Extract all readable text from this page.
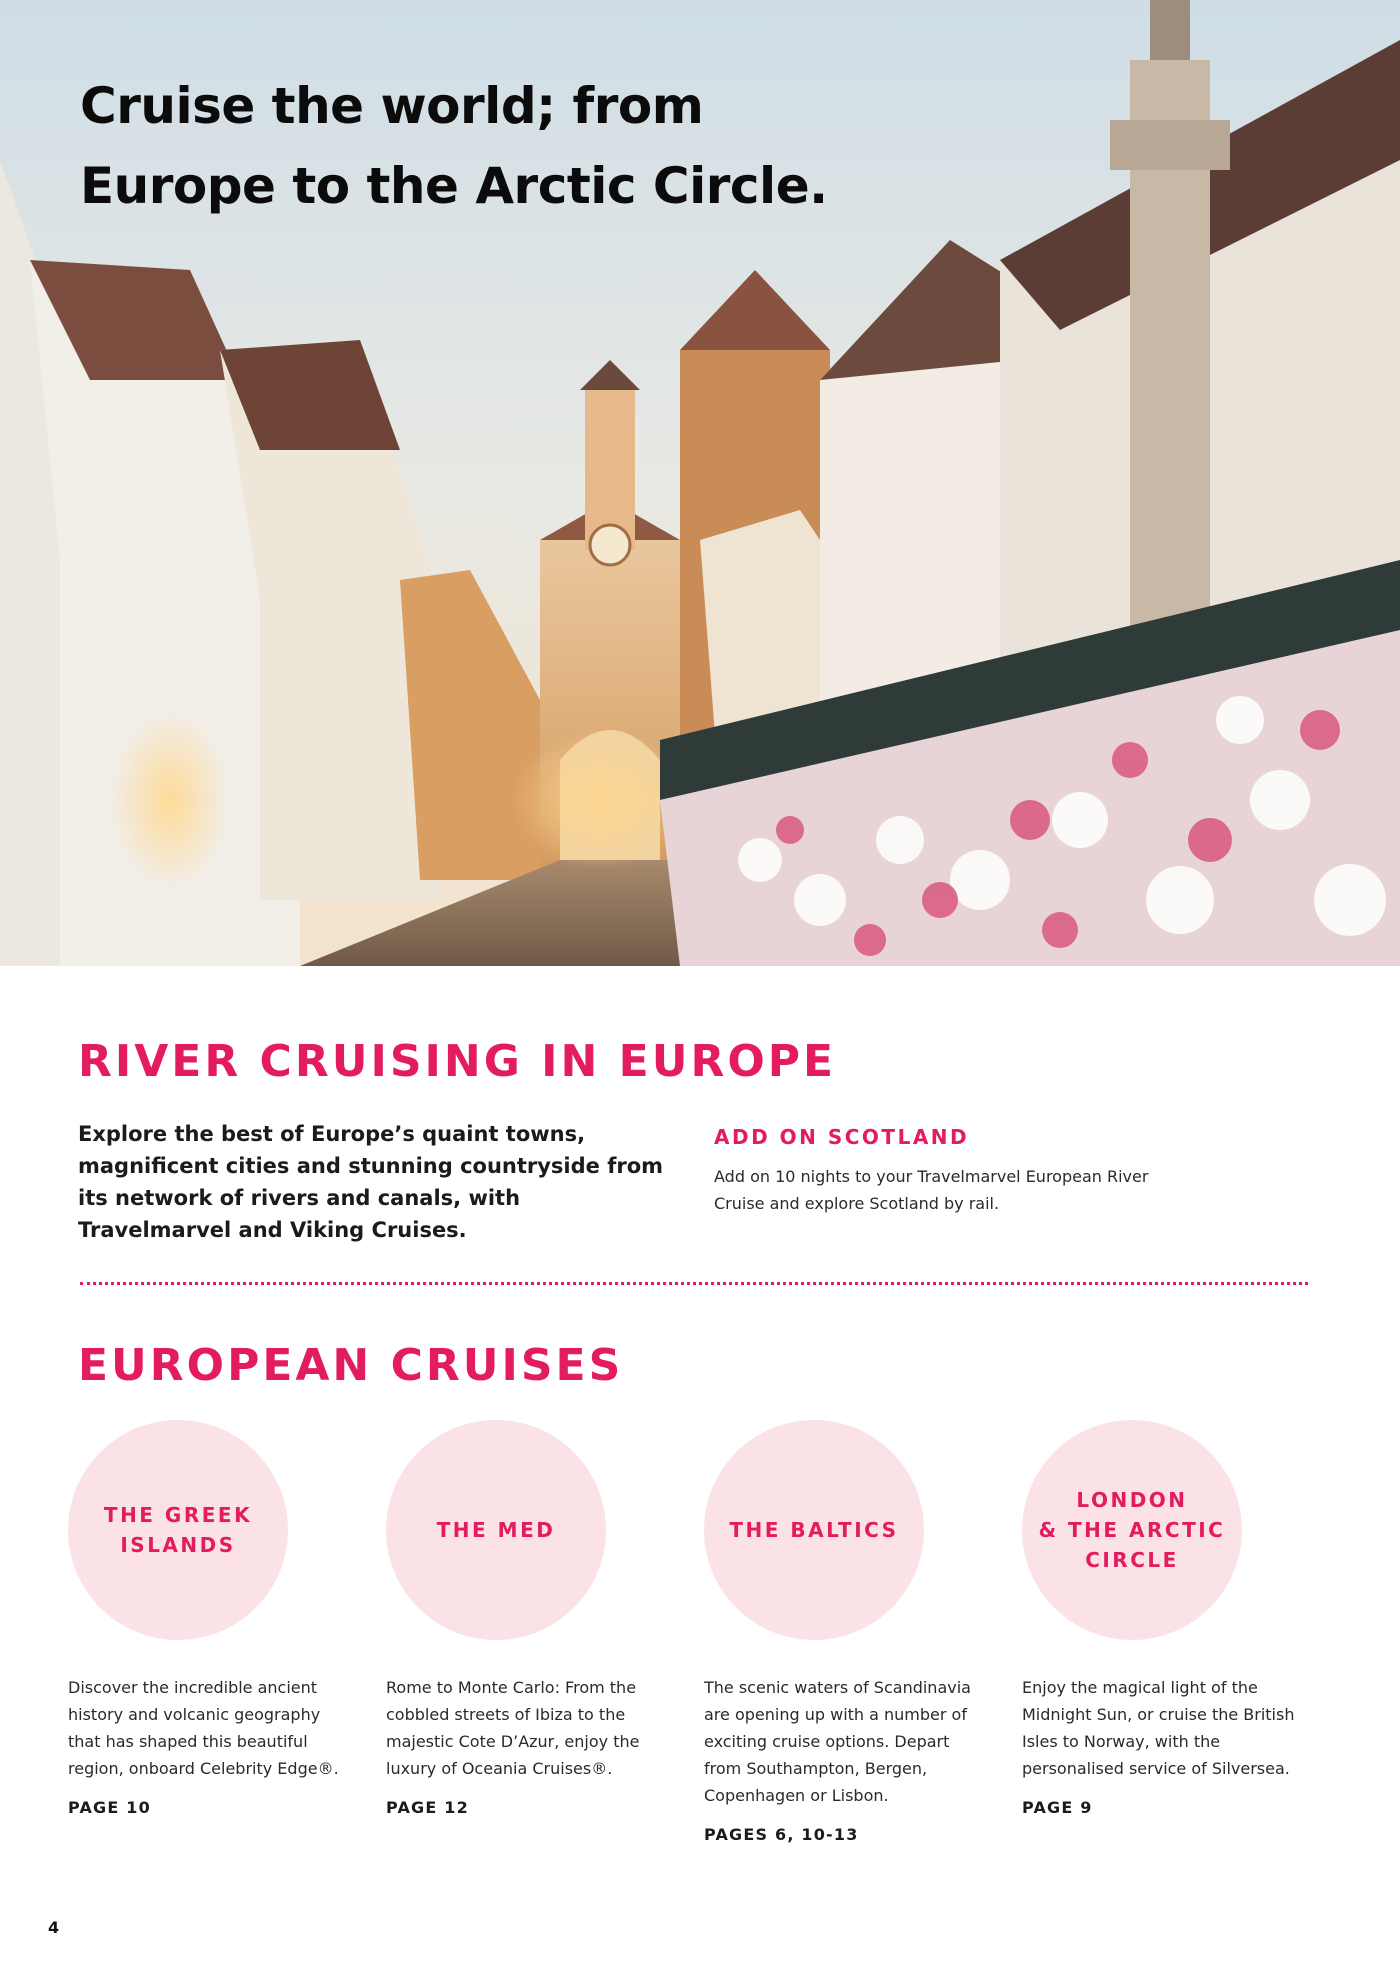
Cruise the world; from
Europe to the Arctic Circle.
RIVER CRUISING IN EUROPE

Explore the best of Europe’s quaint towns, magnificent cities and stunning countryside from its network of rivers and canals, with Travelmarvel and Viking Cruises.

ADD ON SCOTLAND

Add on 10 nights to your Travelmarvel European River Cruise and explore Scotland by rail.

EUROPEAN CRUISES
THE GREEK
ISLANDS

Discover the incredible ancient history and volcanic geography that has shaped this beautiful region, onboard Celebrity Edge®.

PAGE 10

THE MED

Rome to Monte Carlo: From the cobbled streets of Ibiza to the majestic Cote D’Azur, enjoy the luxury of Oceania Cruises®.

PAGE 12

THE BALTICS

The scenic waters of Scandinavia are opening up with a number of exciting cruise options. Depart from Southampton, Bergen, Copenhagen or Lisbon.

PAGES 6, 10-13

LONDON
& THE ARCTIC
CIRCLE

Enjoy the magical light of the Midnight Sun, or cruise the British Isles to Norway, with the personalised service of Silversea.

PAGE 9

4
